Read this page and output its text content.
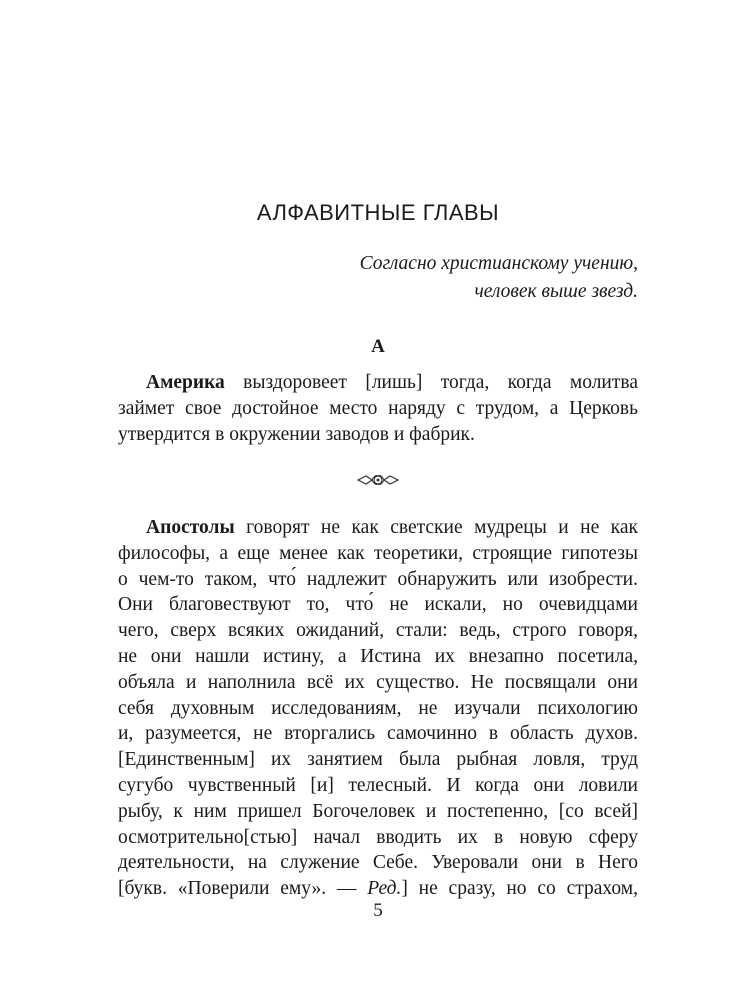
АЛФАВИТНЫЕ ГЛАВЫ
Согласно христианскому учению,
человек выше звезд.
А
Америка выздоровеет [лишь] тогда, когда молитва
займет свое достойное место наряду с трудом, а Церковь
утвердится в окружении заводов и фабрик.
Апостолы говорят не как светские мудрецы и не как
философы, а еще менее как теоретики, строящие гипотезы
о чем-то таком, что́ надлежит обнаружить или изобрести.
Они благовествуют то, что́ не искали, но очевидцами
чего, сверх всяких ожиданий, стали: ведь, строго говоря,
не они нашли истину, а Истина их внезапно посетила,
объяла и наполнила всё их существо. Не посвящали они
себя духовным исследованиям, не изучали психологию
и, разумеется, не вторгались самочинно в область духов.
[Единственным] их занятием была рыбная ловля, труд
сугубо чувственный [и] телесный. И когда они ловили
рыбу, к ним пришел Богочеловек и постепенно, [со всей]
осмотрительно[стью] начал вводить их в новую сферу
деятельности, на служение Себе. Уверовали они в Него
[букв. «Поверили ему». — Ред.] не сразу, но со страхом,
5
